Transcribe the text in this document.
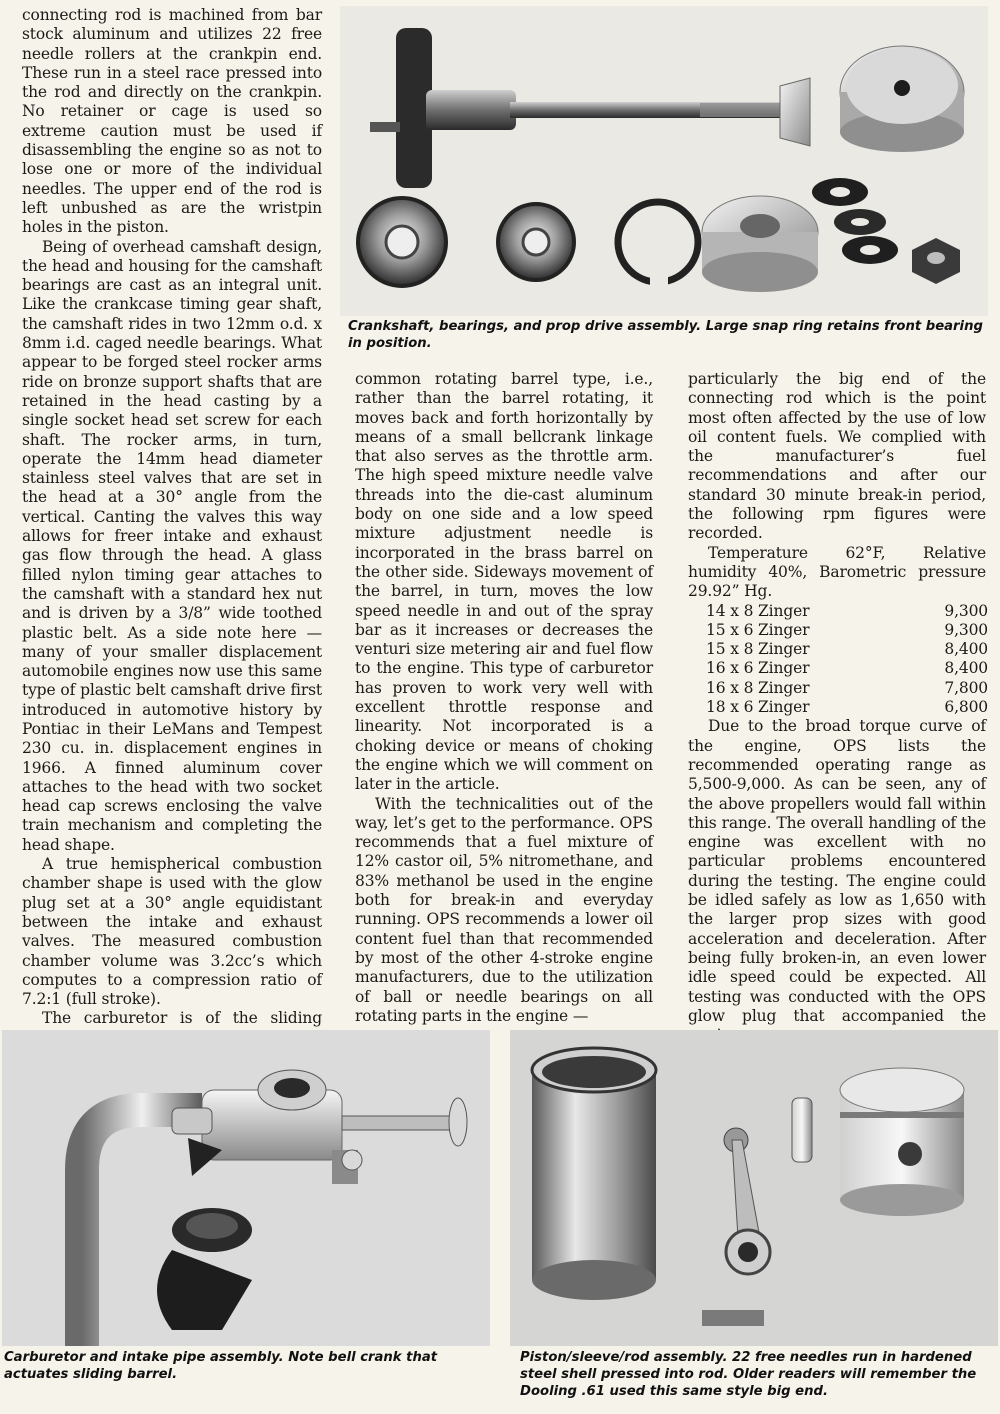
connecting rod is machined from bar stock aluminum and utilizes 22 free needle rollers at the crankpin end. These run in a steel race pressed into the rod and directly on the crankpin. No retainer or cage is used so extreme caution must be used if disassembling the engine so as not to lose one or more of the individual needles. The upper end of the rod is left unbushed as are the wristpin holes in the piston.

Being of overhead camshaft design, the head and housing for the camshaft bearings are cast as an integral unit. Like the crankcase timing gear shaft, the camshaft rides in two 12mm o.d. x 8mm i.d. caged needle bearings. What appear to be forged steel rocker arms ride on bronze support shafts that are retained in the head casting by a single socket head set screw for each shaft. The rocker arms, in turn, operate the 14mm head diameter stainless steel valves that are set in the head at a 30° angle from the vertical. Canting the valves this way allows for freer intake and exhaust gas flow through the head. A glass filled nylon timing gear attaches to the camshaft with a standard hex nut and is driven by a 3/8” wide toothed plastic belt. As a side note here — many of your smaller displacement automobile engines now use this same type of plastic belt camshaft drive first introduced in automotive history by Pontiac in their LeMans and Tempest 230 cu. in. displacement engines in 1966. A finned aluminum cover attaches to the head with two socket head cap screws enclosing the valve train mechanism and completing the head shape.

A true hemispherical combustion chamber shape is used with the glow plug set at a 30° angle equidistant between the intake and exhaust valves. The measured combustion chamber volume was 3.2cc’s which computes to a compression ratio of 7.2:1 (full stroke).

The carburetor is of the sliding

Crankshaft, bearings, and prop drive assembly. Large snap ring retains front bearing in position.

common rotating barrel type, i.e., rather than the barrel rotating, it moves back and forth horizontally by means of a small bellcrank linkage that also serves as the throttle arm. The high speed mixture needle valve threads into the die-cast aluminum body on one side and a low speed mixture adjustment needle is incorporated in the brass barrel on the other side. Sideways movement of the barrel, in turn, moves the low speed needle in and out of the spray bar as it increases or decreases the venturi size metering air and fuel flow to the engine. This type of carburetor has proven to work very well with excellent throttle response and linearity. Not incorporated is a choking device or means of choking the engine which we will comment on later in the article.

With the technicalities out of the way, let’s get to the performance. OPS recommends that a fuel mixture of 12% castor oil, 5% nitromethane, and 83% methanol be used in the engine both for break-in and everyday running. OPS recommends a lower oil content fuel than that recommended by most of the other 4-stroke engine manufacturers, due to the utilization of ball or needle bearings on all rotating parts in the engine —

particularly the big end of the connecting rod which is the point most often affected by the use of low oil content fuels. We complied with the manufacturer’s fuel recommendations and after our standard 30 minute break-in period, the following rpm figures were recorded.

Temperature 62°F, Relative humidity 40%, Barometric pressure 29.92” Hg.

14 x 8 Zinger	9,300
15 x 6 Zinger	9,300
15 x 8 Zinger	8,400
16 x 6 Zinger	8,400
16 x 8 Zinger	7,800
18 x 6 Zinger	6,800

Due to the broad torque curve of the engine, OPS lists the recommended operating range as 5,500-9,000. As can be seen, any of the above propellers would fall within this range. The overall handling of the engine was excellent with no particular problems encountered during the testing. The engine could be idled safely as low as 1,650 with the larger prop sizes with good acceleration and deceleration. After being fully broken-in, an even lower idle speed could be expected. All testing was conducted with the OPS glow plug that accompanied the

Carburetor and intake pipe assembly. Note bell crank that actuates sliding barrel.
Piston/sleeve/rod assembly. 22 free needles run in hardened steel shell pressed into rod. Older readers will remember the Dooling .61 used this same style big end.
